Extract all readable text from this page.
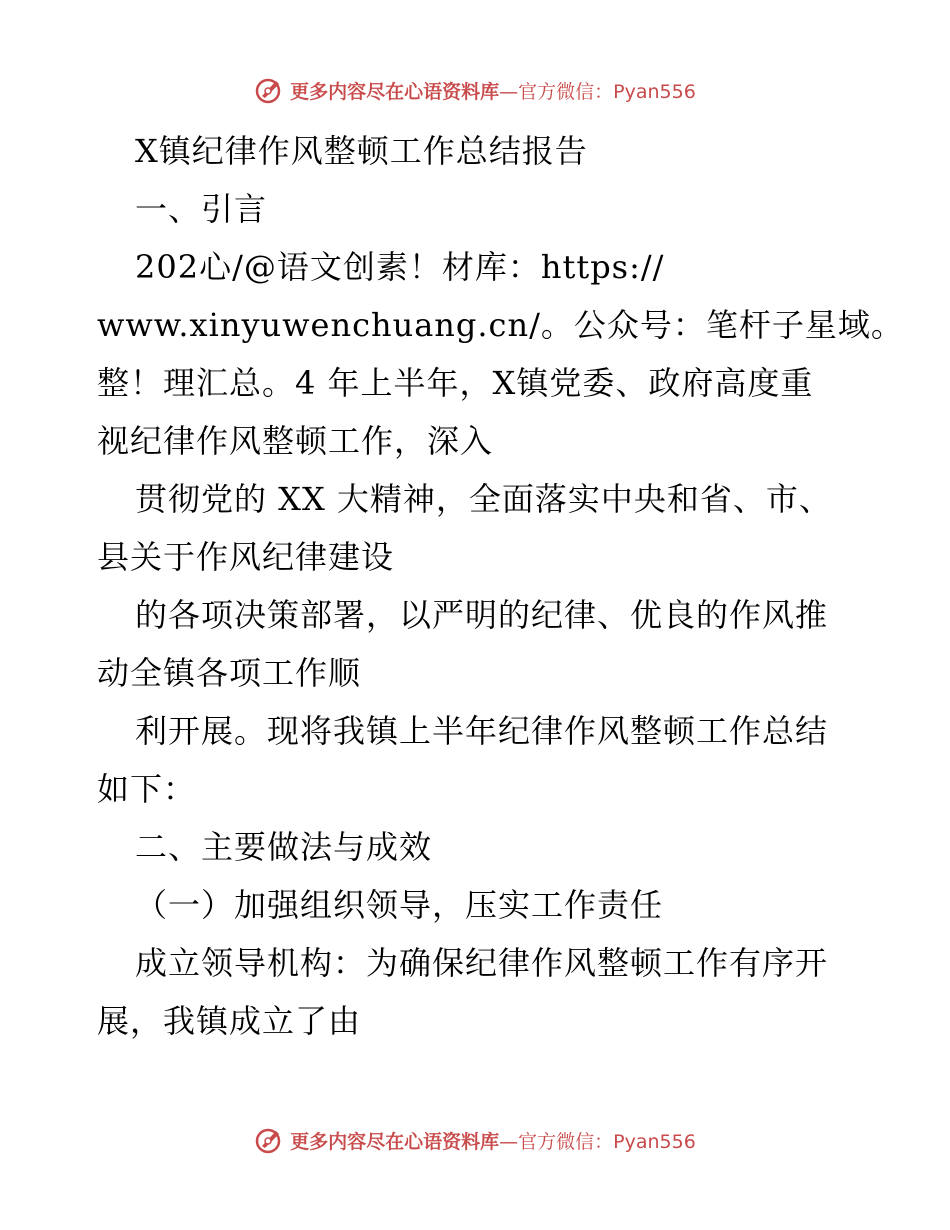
更多内容尽在心语资料库—官方微信：Pyan556
X镇纪律作风整顿工作总结报告
一、引言
202心/@语文创素！材库：https://
www.xinyuwenchuang.cn/。公众号：笔杆子星域。
整！理汇总。4 年上半年，X镇党委、政府高度重
视纪律作风整顿工作，深入
贯彻党的 XX 大精神，全面落实中央和省、市、
县关于作风纪律建设
的各项决策部署，以严明的纪律、优良的作风推
动全镇各项工作顺
利开展。现将我镇上半年纪律作风整顿工作总结
如下：
二、主要做法与成效
（一）加强组织领导，压实工作责任
成立领导机构：为确保纪律作风整顿工作有序开
展，我镇成立了由
更多内容尽在心语资料库—官方微信：Pyan556
